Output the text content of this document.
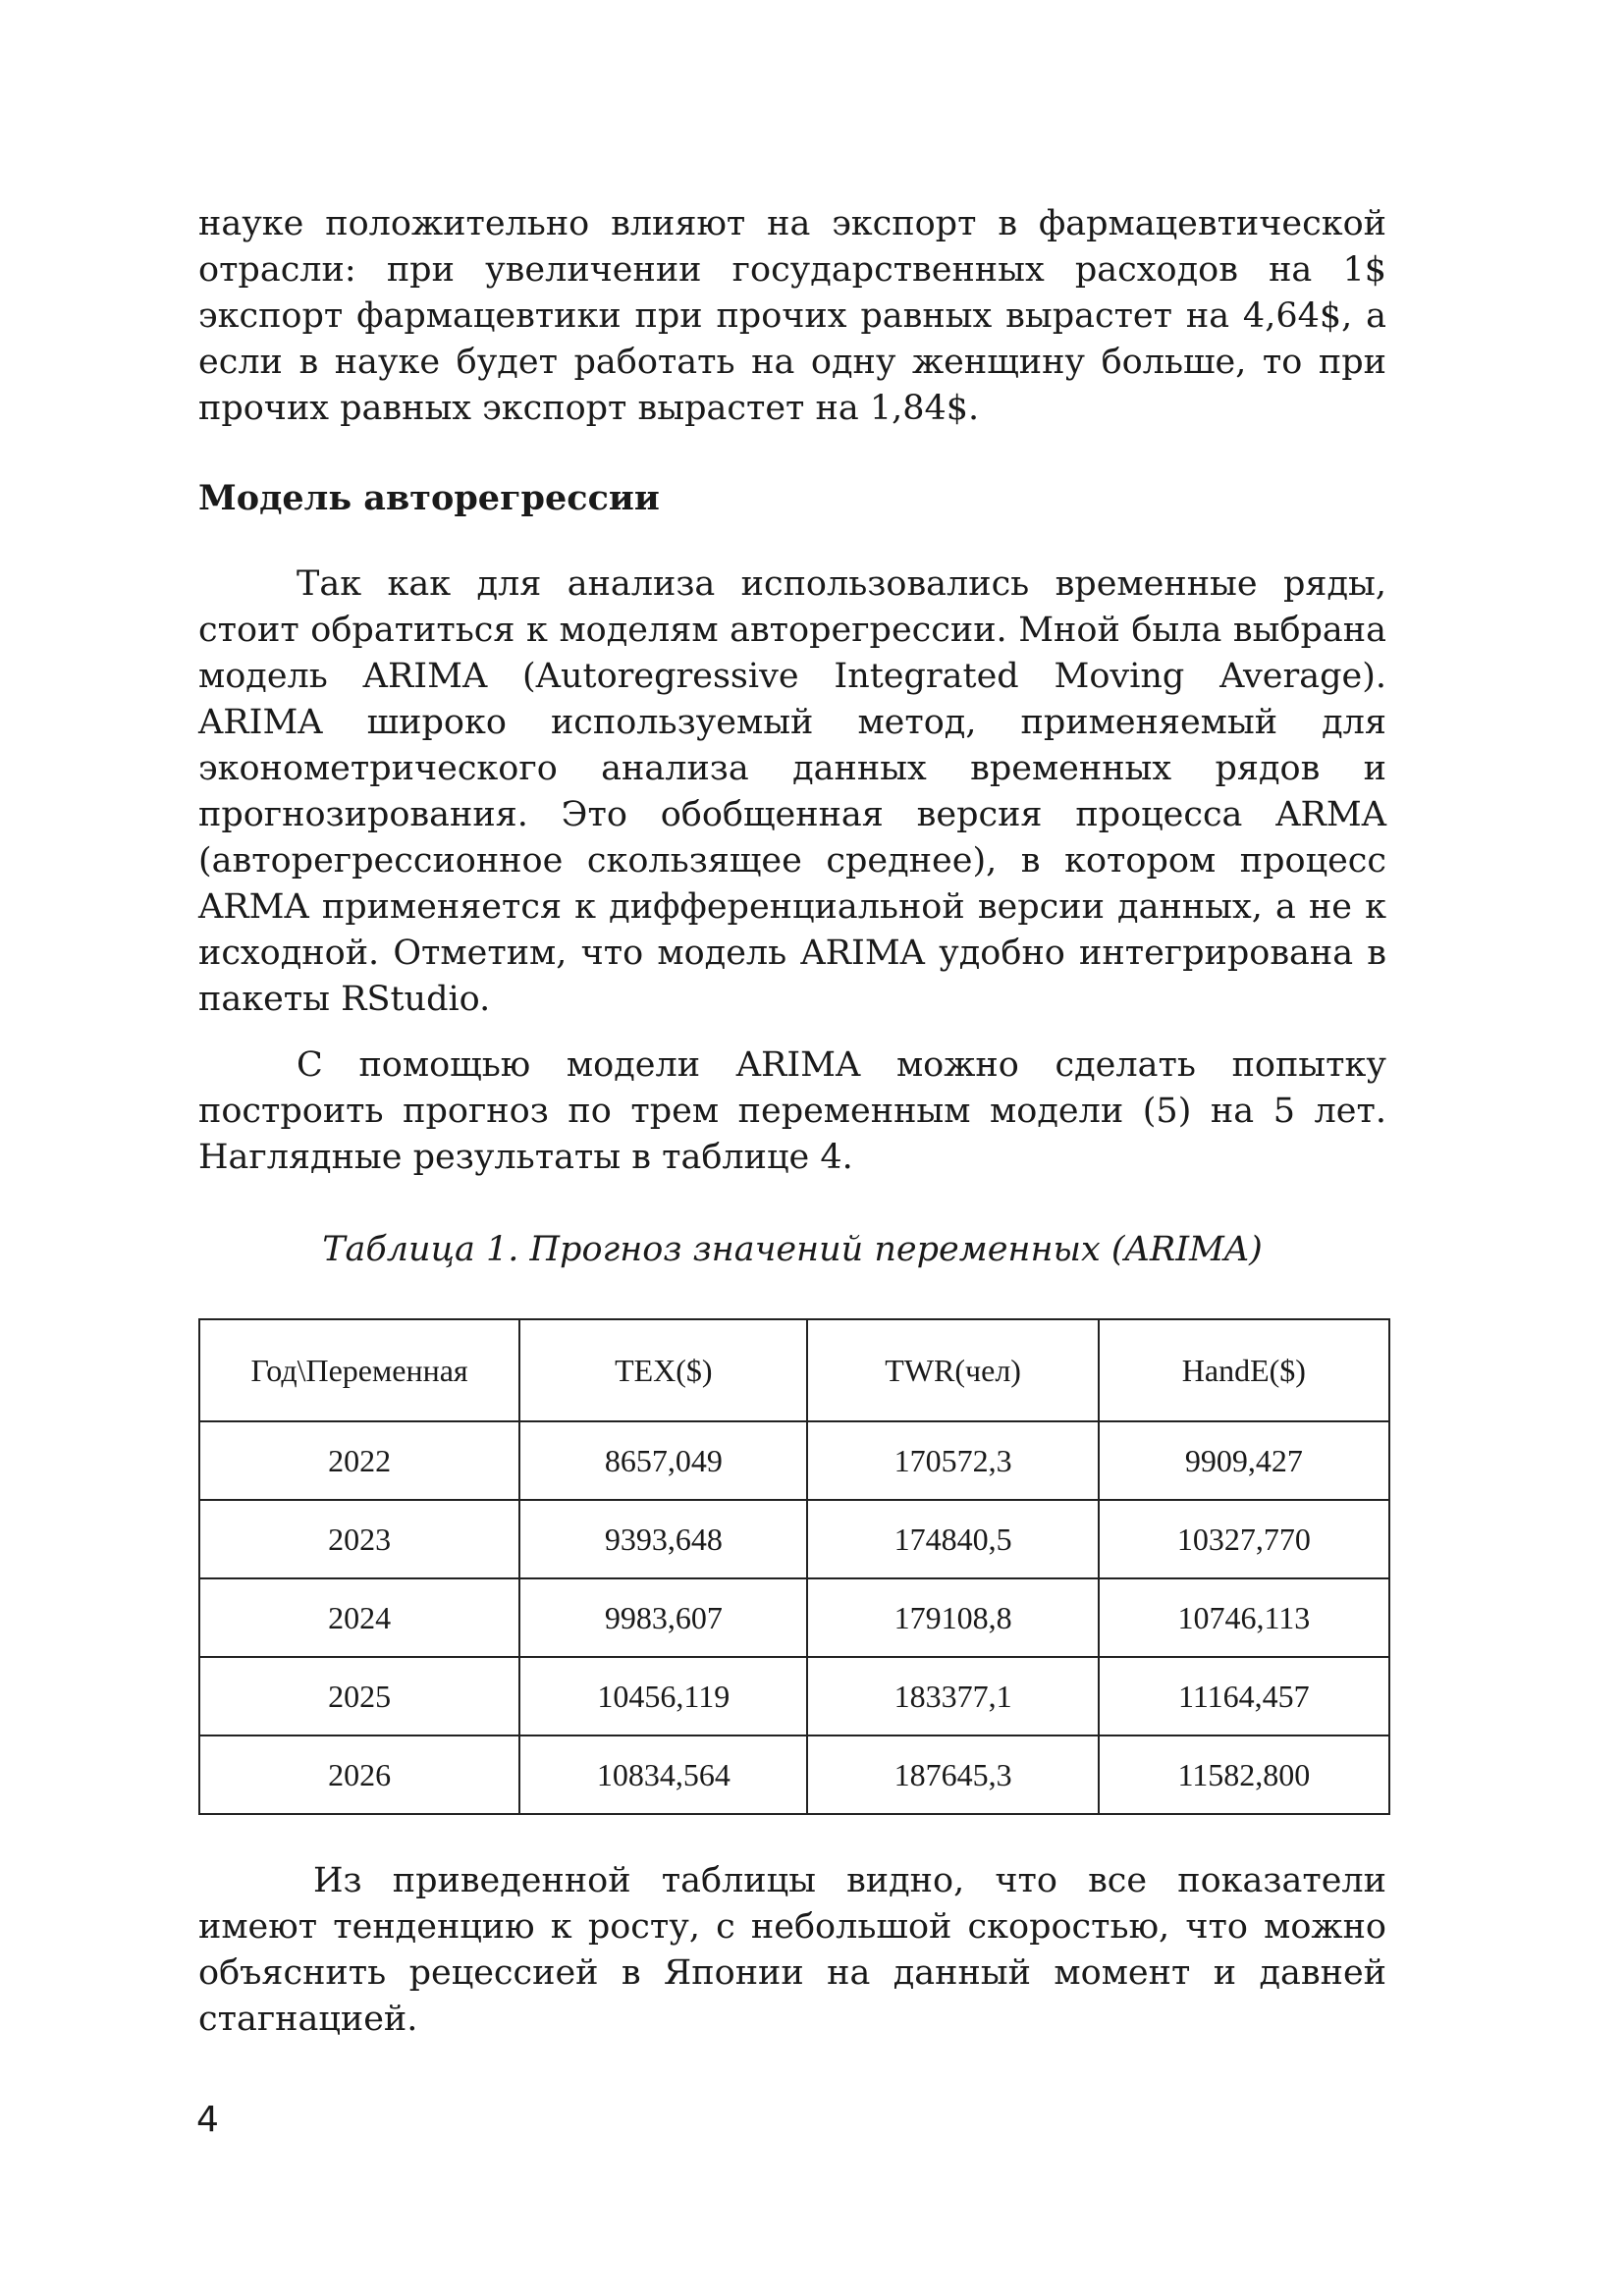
науке положительно влияют на экспорт в фармацевтической отрасли: при увеличении государственных расходов на 1$ экспорт фармацевтики при прочих равных вырастет на 4,64$, а если в науке будет работать на одну женщину больше, то при прочих равных экспорт вырастет на 1,84$.

Модель авторегрессии

Так как для анализа использовались временные ряды, стоит обратиться к моделям авторегрессии. Мной была выбрана модель ARIMA (Autoregressive Integrated Moving Average). ARIMA широко используемый метод, применяемый для эконометрического анализа данных временных рядов и прогнозирования. Это обобщенная версия процесса ARMA (авторегрессионное скользящее среднее), в котором процесс ARMA применяется к дифференциальной версии данных, а не к исходной. Отметим, что модель ARIMA удобно интегрирована в пакеты RStudio.

С помощью модели ARIMA можно сделать попытку построить прогноз по трем переменным модели (5) на 5 лет. Наглядные результаты в таблице 4.

Таблица 1. Прогноз значений переменных (ARIMA)

Год\Переменная	TEX($)	TWR(чел)	HandE($)
2022	8657,049	170572,3	9909,427
2023	9393,648	174840,5	10327,770
2024	9983,607	179108,8	10746,113
2025	10456,119	183377,1	11164,457
2026	10834,564	187645,3	11582,800

Из приведенной таблицы видно, что все показатели имеют тенденцию к росту, с небольшой скоростью, что можно объяснить рецессией в Японии на данный момент и давней стагнацией.

4
